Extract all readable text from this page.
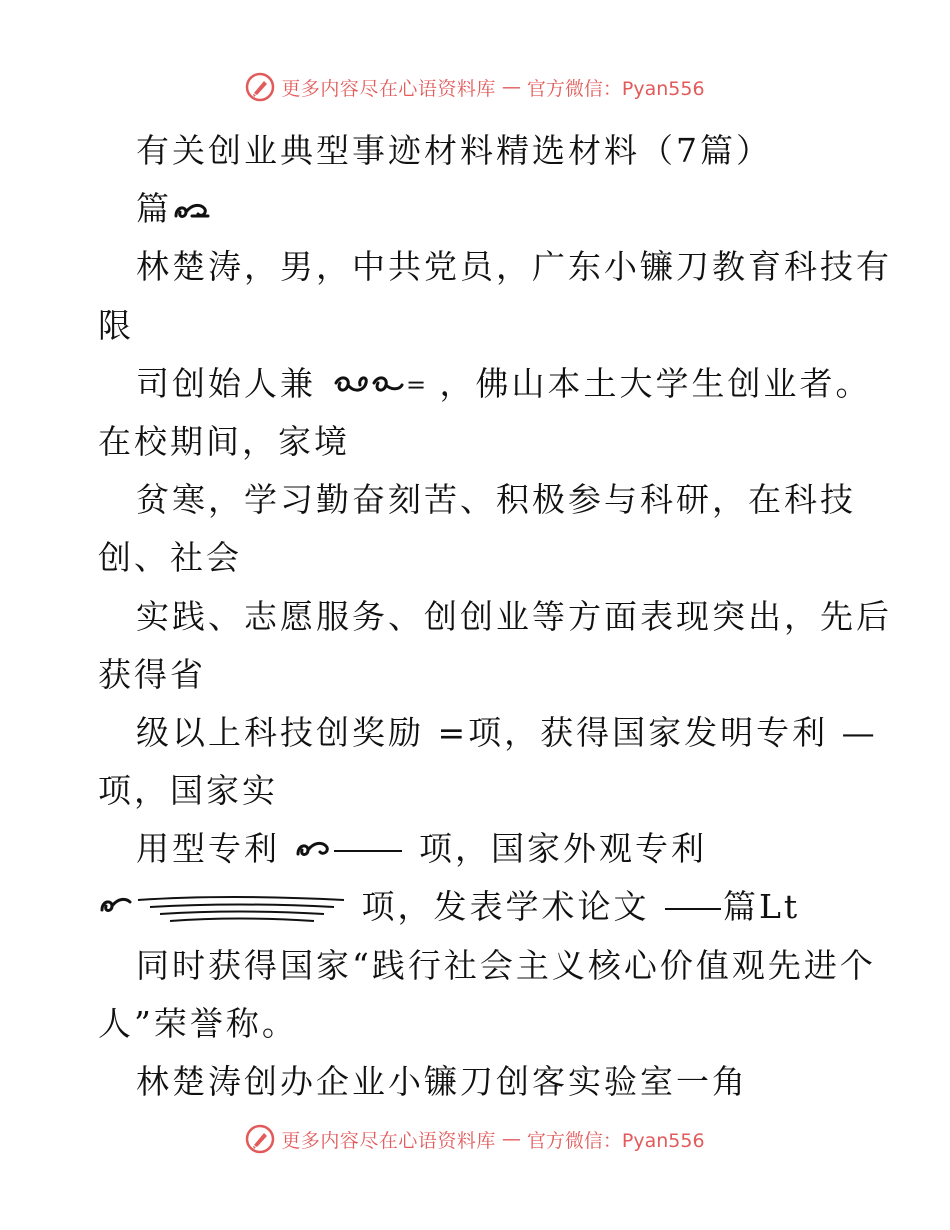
更多内容尽在心语资料库 — 官方微信：Pyan556
有关创业典型事迹材料精选材料（7篇）
篇
林楚涛，男，中共党员，广东小镰刀教育科技有
限
司创始人兼	= ，佛山本土大学生创业者。
在校期间，家境
贫寒，学习勤奋刻苦、积极参与科研，在科技
创、社会
实践、志愿服务、创创业等方面表现突出，先后
获得省
级以上科技创奖励 =项，获得国家发明专利 —
项，国家实
用型专利	项，国家外观专利
项，发表学术论文 篇Lt
同时获得国家“践行社会主义核心价值观先进个
人”荣誉称。
林楚涛创办企业小镰刀创客实验室一角
更多内容尽在心语资料库 — 官方微信：Pyan556
